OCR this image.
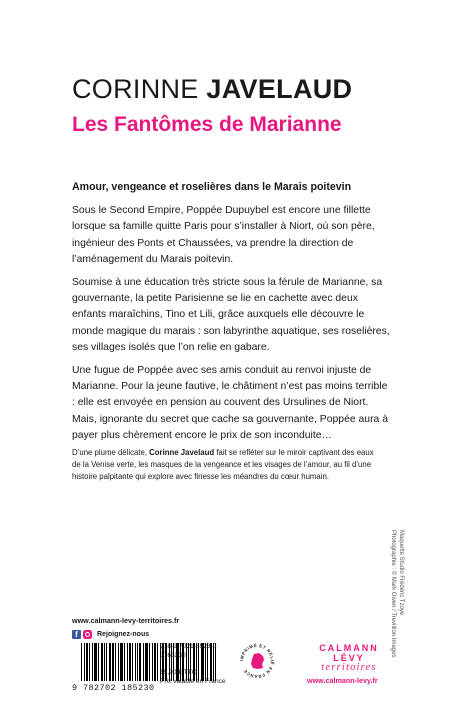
CORINNE JAVELAUD
Les Fantômes de Marianne
Amour, vengeance et roselières dans le Marais poitevin

Sous le Second Empire, Poppée Dupuybel est encore une fillette lorsque sa famille quitte Paris pour s’installer à Niort, où son père, ingénieur des Ponts et Chaussées, va prendre la direction de l’aménagement du Marais poitevin.

Soumise à une éducation très stricte sous la férule de Marianne, sa gouvernante, la petite Parisienne se lie en cachette avec deux enfants maraîchins, Tino et Lili, grâce auxquels elle découvre le monde magique du marais : son labyrinthe aquatique, ses roselières, ses villages isolés que l’on relie en gabare.

Une fugue de Poppée avec ses amis conduit au renvoi injuste de Marianne. Pour la jeune fautive, le châtiment n’est pas moins terrible : elle est envoyée en pension au couvent des Ursulines de Niort. Mais, ignorante du secret que cache sa gouvernante, Poppée aura à payer plus chèrement encore le prix de son inconduite…

D’une plume délicate, Corinne Javelaud fait se refléter sur le miroir captivant des eaux de la Venise verte, les masques de la vengeance et les visages de l’amour, au fil d’une histoire palpitante qui explore avec finesse les méandres du cœur humain.
Maquette Studio Frédéric Tzoye
Photographie : © Mark Owen / Trevillion Images
www.calmann-levy-territoires.fr
f	Rejoignez-nous
9 782702 185230
978-2-7021-8523-0
3765230
19,90 € TTC
Prix valable en France
IMPRIMÉ ET RELIÉ EN FRANCE
CALMANN
LÉVY
territoires
www.calmann-levy.fr
